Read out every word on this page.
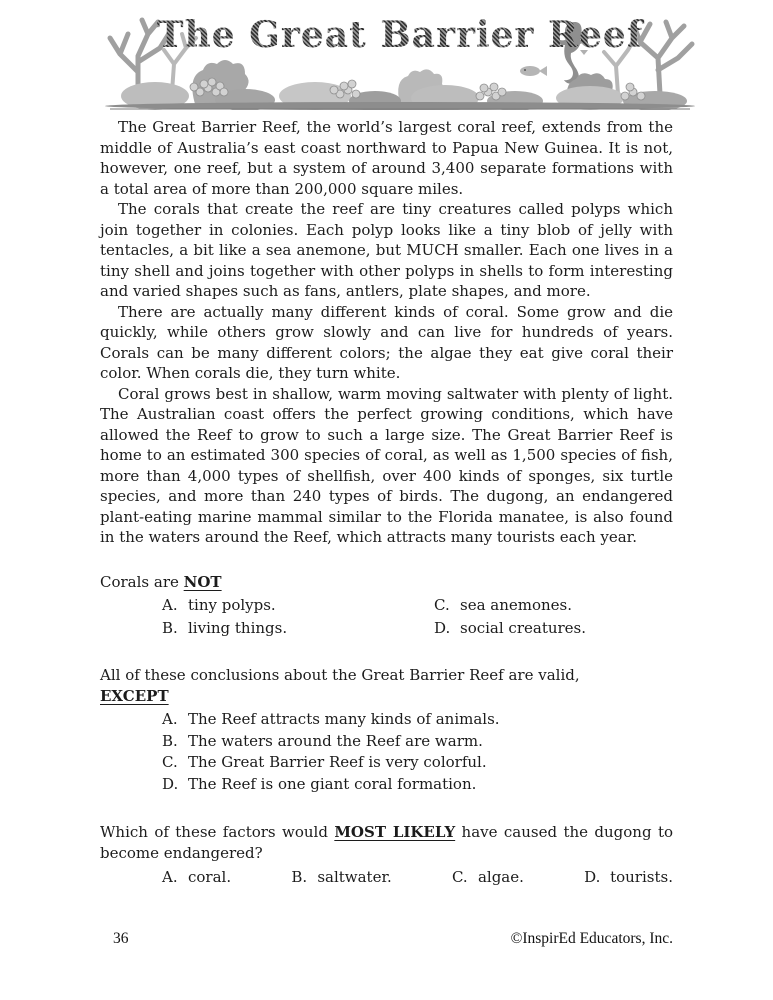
The Great Barrier Reef

The Great Barrier Reef, the world’s largest coral reef, extends from the middle of Australia’s east coast northward to Papua New Guinea. It is not, however, one reef, but a system of around 3,400 separate formations with a total area of more than 200,000 square miles.

The corals that create the reef are tiny creatures called polyps which join together in colonies. Each polyp looks like a tiny blob of jelly with tentacles, a bit like a sea anemone, but MUCH smaller. Each one lives in a tiny shell and joins together with other polyps in shells to form interesting and varied shapes such as fans, antlers, plate shapes, and more.

There are actually many different kinds of coral. Some grow and die quickly, while others grow slowly and can live for hundreds of years. Corals can be many different colors; the algae they eat give coral their color. When corals die, they turn white.

Coral grows best in shallow, warm moving saltwater with plenty of light. The Australian coast offers the perfect growing conditions, which have allowed the Reef to grow to such a large size. The Great Barrier Reef is home to an estimated 300 species of coral, as well as 1,500 species of fish, more than 4,000 types of shellfish, over 400 kinds of sponges, six turtle species, and more than 240 types of birds. The dugong, an endangered plant-eating marine mammal similar to the Florida manatee, is also found in the waters around the Reef, which attracts many tourists each year.

Corals are NOT
A. tiny polyps.	C. sea anemones.
B. living things.	D. social creatures.
All of these conclusions about the Great Barrier Reef are valid,
EXCEPT
A. The Reef attracts many kinds of animals.
B. The waters around the Reef are warm.
C. The Great Barrier Reef is very colorful.
D. The Reef is one giant coral formation.
Which of these factors would MOST LIKELY have caused the dugong to become endangered?
A. coral.	B. saltwater.	C. algae.	D. tourists.
36	©InspirEd Educators, Inc.
